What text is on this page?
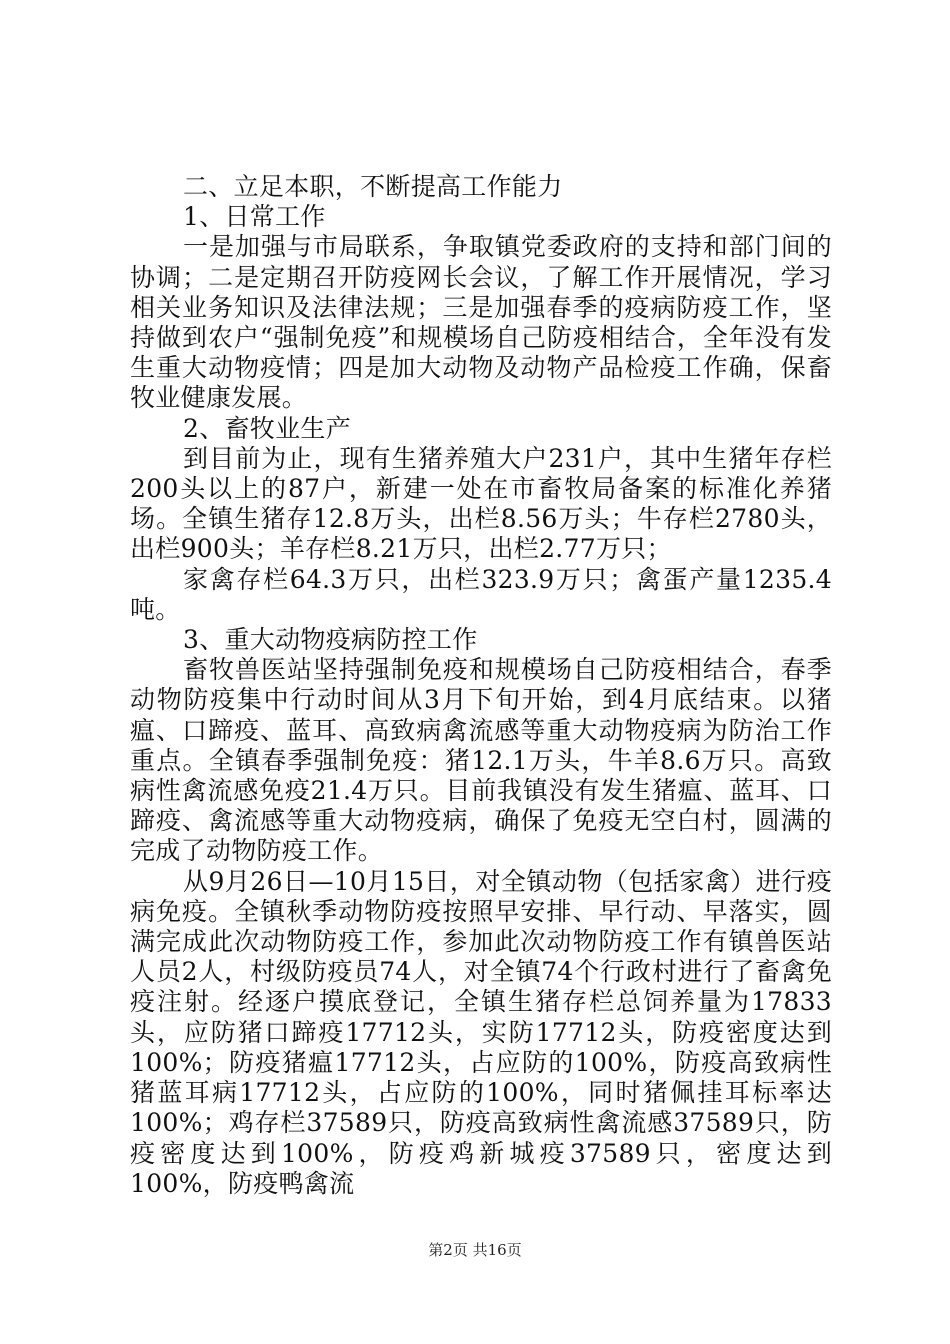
二、立足本职，不断提高工作能力

1、日常工作

一是加强与市局联系，争取镇党委政府的支持和部门间的协调；二是定期召开防疫网长会议，了解工作开展情况，学习相关业务知识及法律法规；三是加强春季的疫病防疫工作，坚持做到农户“强制免疫”和规模场自己防疫相结合，全年没有发生重大动物疫情；四是加大动物及动物产品检疫工作确，保畜牧业健康发展。

2、畜牧业生产

到目前为止，现有生猪养殖大户231户，其中生猪年存栏200头以上的87户，新建一处在市畜牧局备案的标准化养猪场。全镇生猪存12.8万头，出栏8.56万头；牛存栏2780头，出栏900头；羊存栏8.21万只，出栏2.77万只；

家禽存栏64.3万只，出栏323.9万只；禽蛋产量1235.4吨。

3、重大动物疫病防控工作

畜牧兽医站坚持强制免疫和规模场自己防疫相结合，春季动物防疫集中行动时间从3月下旬开始，到4月底结束。以猪瘟、口蹄疫、蓝耳、高致病禽流感等重大动物疫病为防治工作重点。全镇春季强制免疫：猪12.1万头，牛羊8.6万只。高致病性禽流感免疫21.4万只。目前我镇没有发生猪瘟、蓝耳、口蹄疫、禽流感等重大动物疫病，确保了免疫无空白村，圆满的完成了动物防疫工作。

从9月26日—10月15日，对全镇动物（包括家禽）进行疫病免疫。全镇秋季动物防疫按照早安排、早行动、早落实，圆满完成此次动物防疫工作，参加此次动物防疫工作有镇兽医站人员2人，村级防疫员74人，对全镇74个行政村进行了畜禽免疫注射。经逐户摸底登记，全镇生猪存栏总饲养量为17833头，应防猪口蹄疫17712头，实防17712头，防疫密度达到100%；防疫猪瘟17712头，占应防的100%，防疫高致病性猪蓝耳病17712头，占应防的100%，同时猪佩挂耳标率达100%；鸡存栏37589只，防疫高致病性禽流感37589只，防疫密度达到100%，防疫鸡新城疫37589只，密度达到100%，防疫鸭禽流

第2页 共16页
